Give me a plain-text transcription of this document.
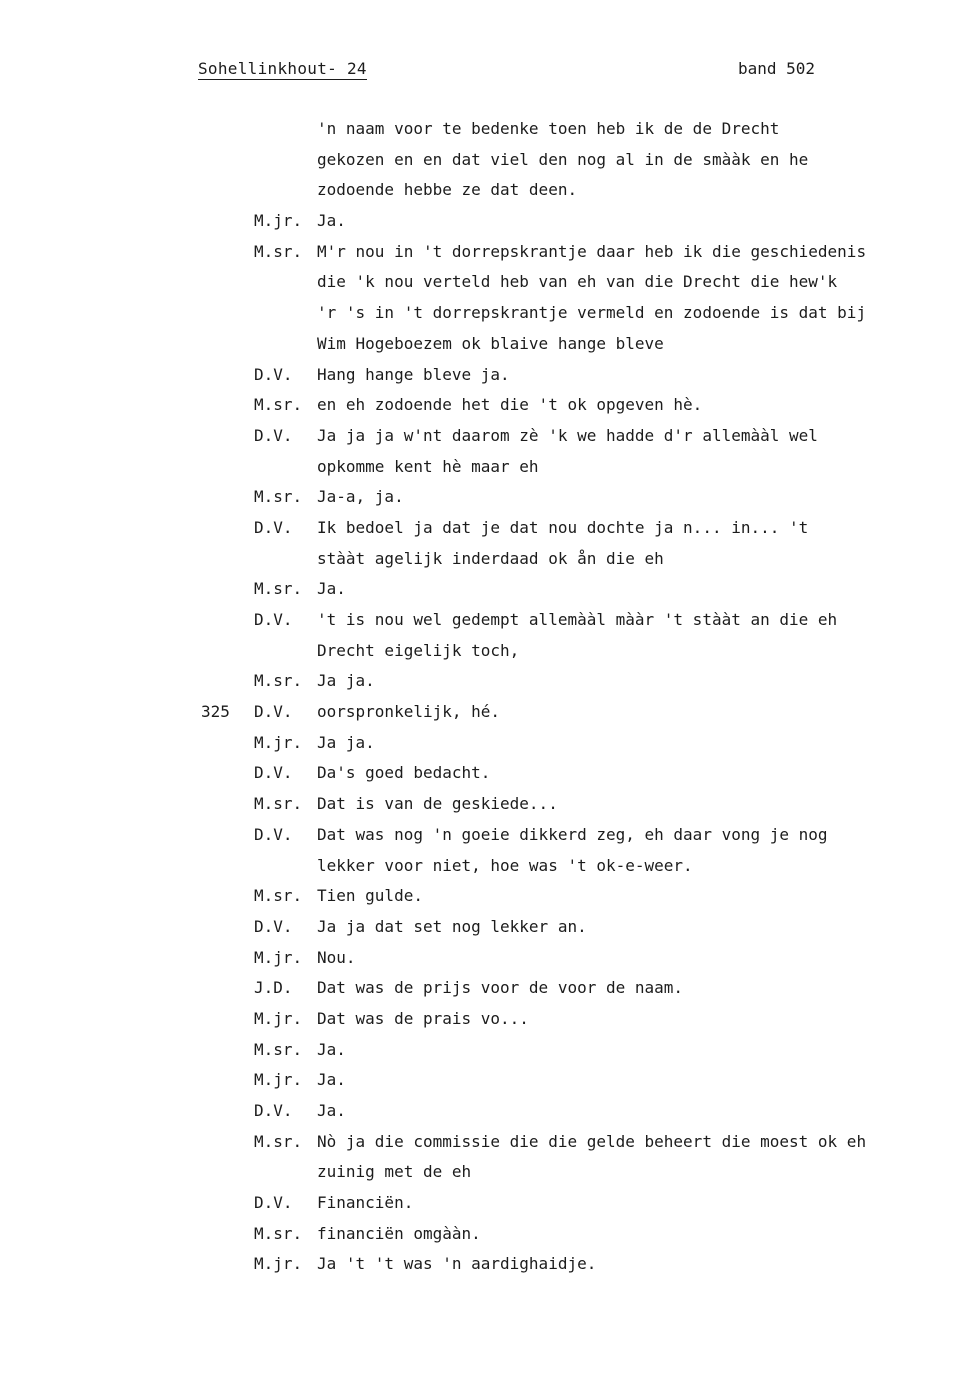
Sohellinkhout- 24	band 502
'n naam voor te bedenke toen heb ik de de Drecht
gekozen en en dat viel den nog al in de smààk en he
zodoende hebbe ze dat deen.
M.jr. Ja.
M.sr. M'r nou in 't dorrepskrantje daar heb ik die geschiedenis
die 'k nou verteld heb van eh van die Drecht die hew'k
'r 's in 't dorrepskrantje vermeld en zodoende is dat bij
Wim Hogeboezem ok blaive hange bleve
D.V. Hang hange bleve ja.
M.sr. en eh zodoende het die 't ok opgeven hè.
D.V. Ja ja ja w'nt daarom zè 'k we hadde d'r allemààl wel
opkomme kent hè maar eh
M.sr. Ja-a, ja.
D.V. Ik bedoel ja dat je dat nou dochte ja n... in... 't
stààt agelijk inderdaad ok ån die eh
M.sr. Ja.
D.V. 't is nou wel gedempt allemààl mààr 't stààt an die eh
Drecht eigelijk toch,
M.sr. Ja ja.
325 D.V. oorspronkelijk, hé.
M.jr. Ja ja.
D.V. Da's goed bedacht.
M.sr. Dat is van de geskiede...
D.V. Dat was nog 'n goeie dikkerd zeg, eh daar vong je nog
lekker voor niet, hoe was 't ok-e-weer.
M.sr. Tien gulde.
D.V. Ja ja dat set nog lekker an.
M.jr. Nou.
J.D. Dat was de prijs voor de voor de naam.
M.jr. Dat was de prais vo...
M.sr. Ja.
M.jr. Ja.
D.V. Ja.
M.sr. Nò ja die commissie die die gelde beheert die moest ok eh
zuinig met de eh
D.V. Financiën.
M.sr. financiën omgààn.
M.jr. Ja 't 't was 'n aardighaidje.
